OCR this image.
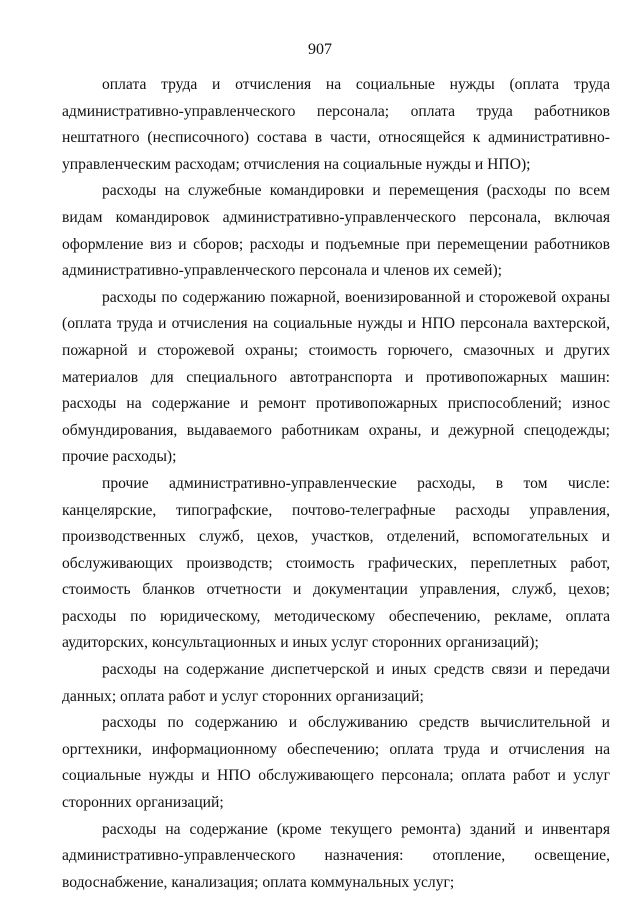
907

оплата труда и отчисления на социальные нужды (оплата труда административно-управленческого персонала; оплата труда работников нештатного (несписочного) состава в части, относящейся к административно-управленческим расходам; отчисления на социальные нужды и НПО);

расходы на служебные командировки и перемещения (расходы по всем видам командировок административно-управленческого персонала, включая оформление виз и сборов; расходы и подъемные при перемещении работников административно-управленческого персонала и членов их семей);

расходы по содержанию пожарной, военизированной и сторожевой охраны (оплата труда и отчисления на социальные нужды и НПО персонала вахтерской, пожарной и сторожевой охраны; стоимость горючего, смазочных и других материалов для специального автотранспорта и противопожарных машин: расходы на содержание и ремонт противопожарных приспособлений; износ обмундирования, выдаваемого работникам охраны, и дежурной спецодежды; прочие расходы);

прочие административно-управленческие расходы, в том числе: канцелярские, типографские, почтово-телеграфные расходы управления, производственных служб, цехов, участков, отделений, вспомогательных и обслуживающих производств; стоимость графических, переплетных работ, стоимость бланков отчетности и документации управления, служб, цехов; расходы по юридическому, методическому обеспечению, рекламе, оплата аудиторских, консультационных и иных услуг сторонних организаций);

расходы на содержание диспетчерской и иных средств связи и передачи данных; оплата работ и услуг сторонних организаций;

расходы по содержанию и обслуживанию средств вычислительной и оргтехники, информационному обеспечению; оплата труда и отчисления на социальные нужды и НПО обслуживающего персонала; оплата работ и услуг сторонних организаций;

расходы на содержание (кроме текущего ремонта) зданий и инвентаря административно-управленческого назначения: отопление, освещение, водоснабжение, канализация; оплата коммунальных услуг;
